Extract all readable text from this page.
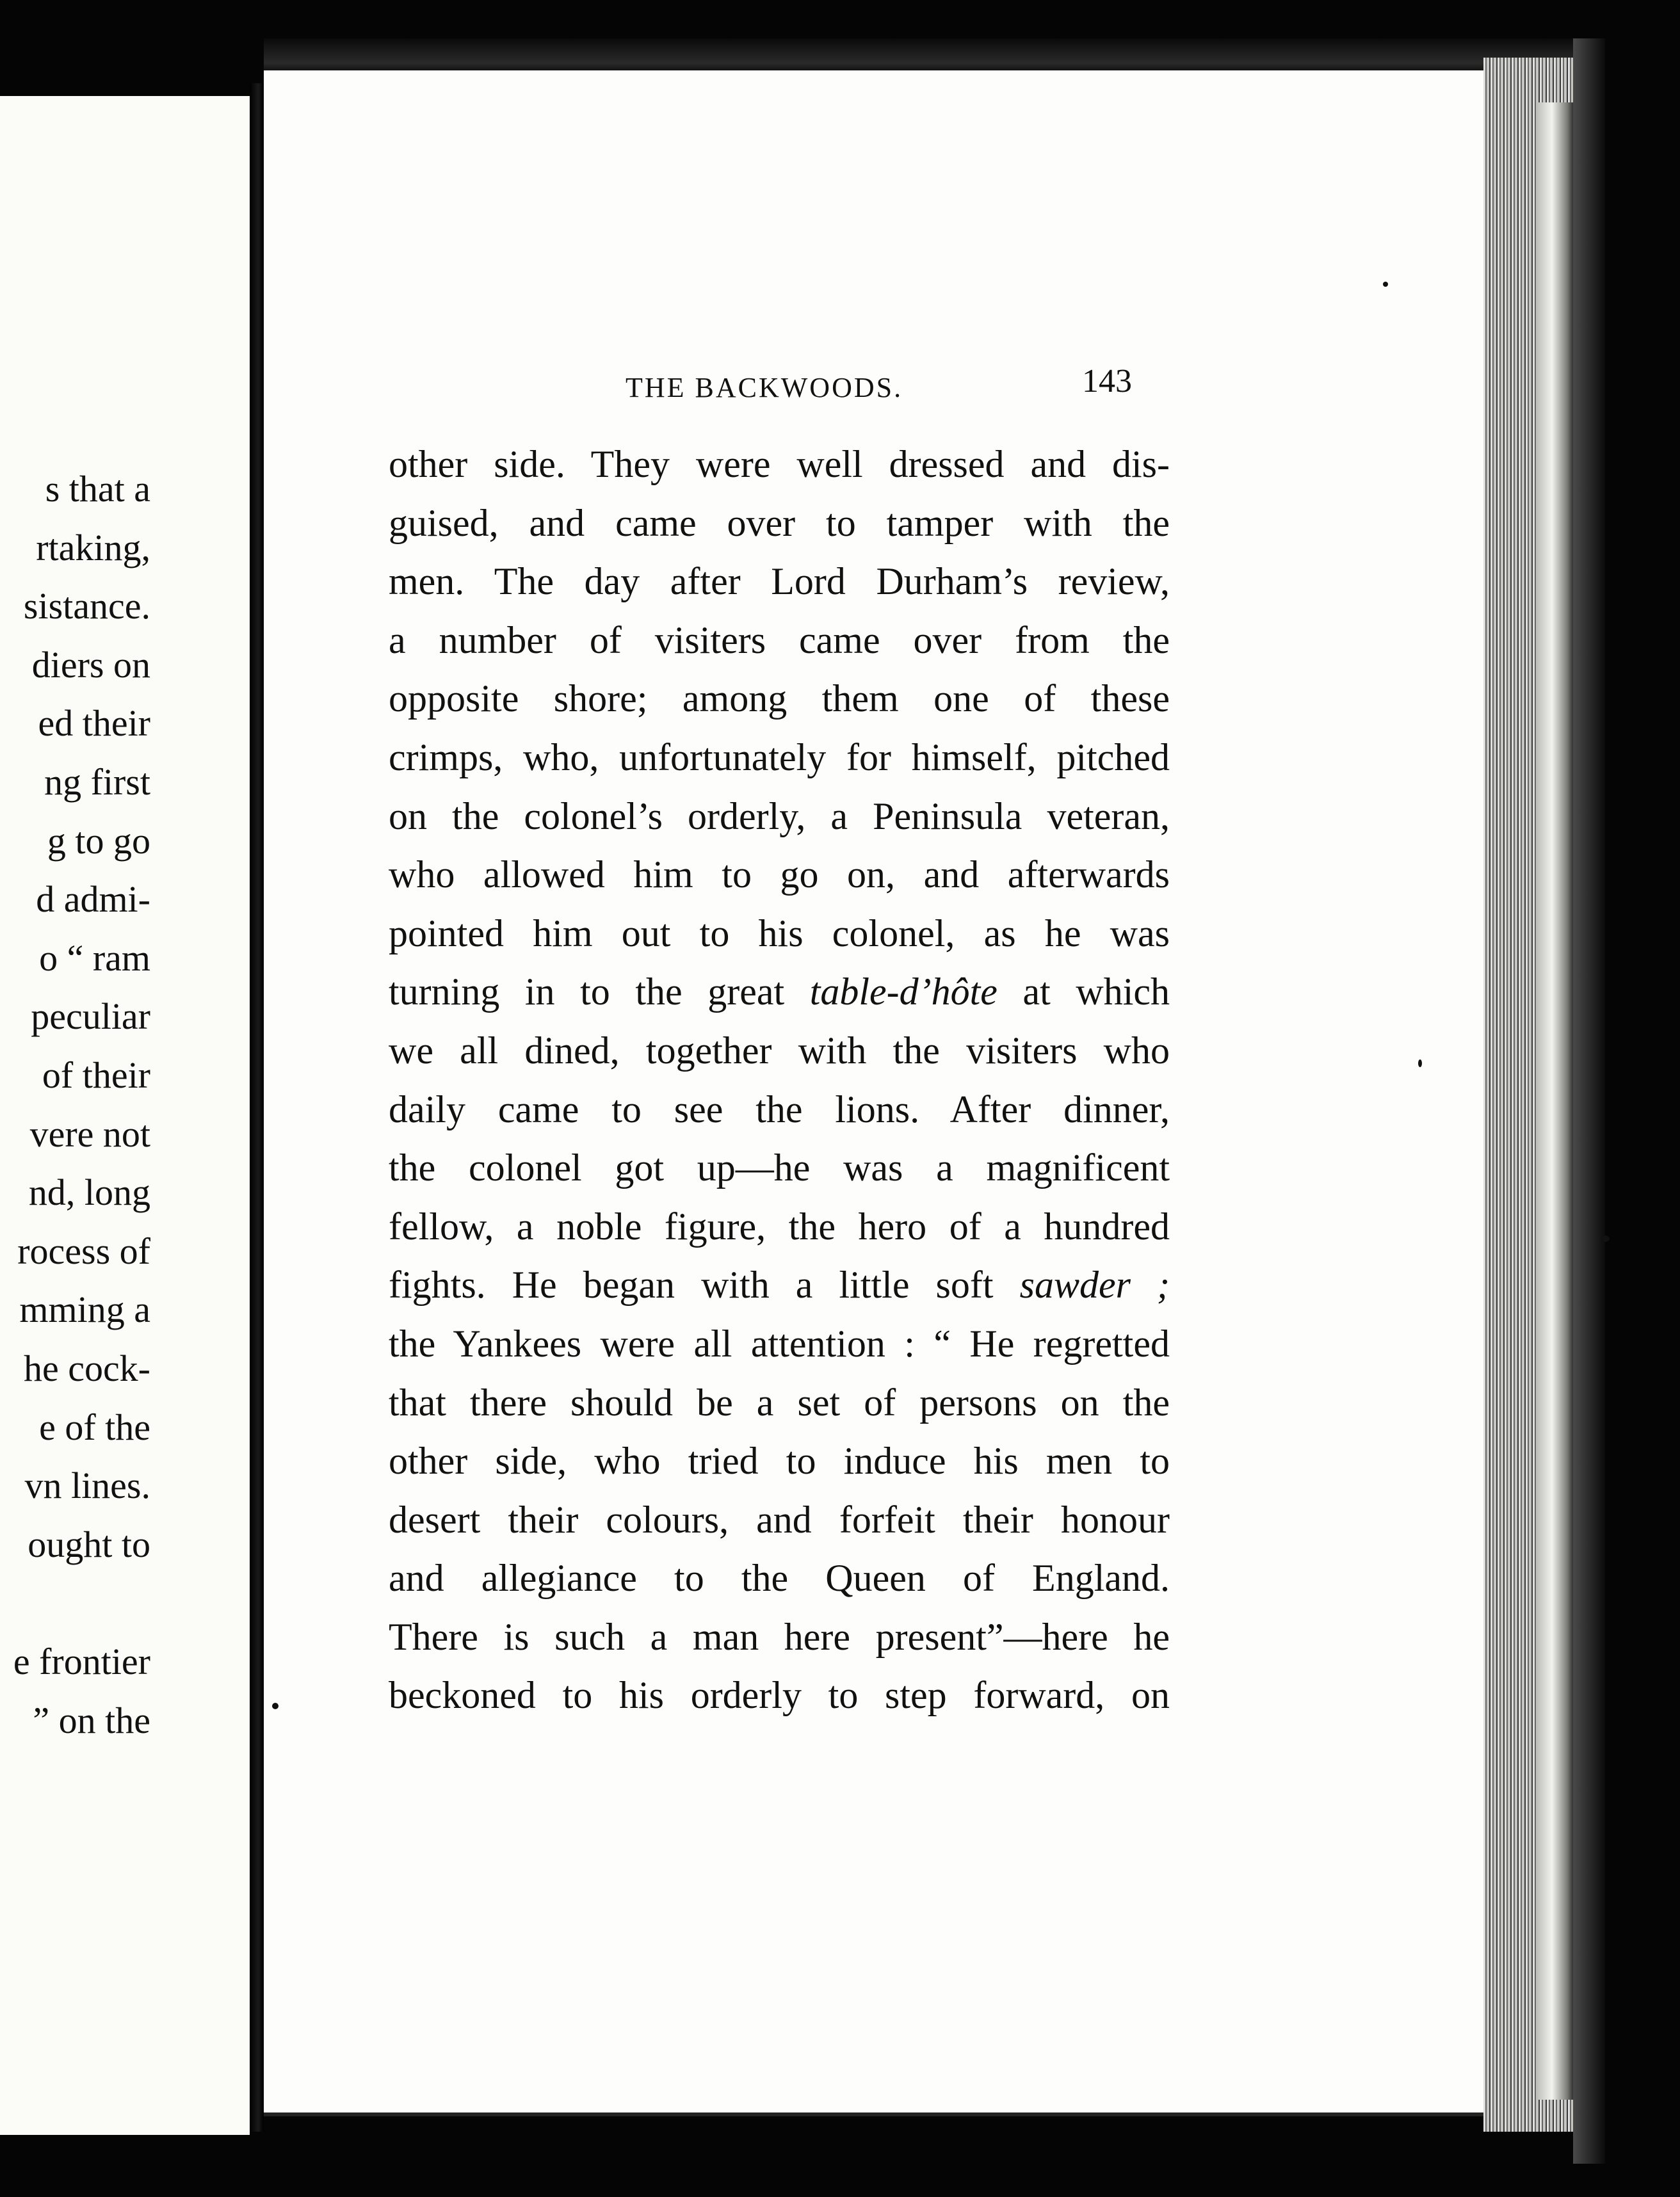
s that a
rtaking,
sistance.
diers on
ed their
ng first
g to go
d admi-
o “ ram
peculiar
of their
vere not
nd, long
rocess of
mming a
he cock-
e of the
vn lines.
ought to
e frontier
” on the
THE BACKWOODS.	143
other side. They were well dressed and dis-
guised, and came over to tamper with the
men. The day after Lord Durham’s review,
a number of visiters came over from the
opposite shore; among them one of these
crimps, who, unfortunately for himself, pitched
on the colonel’s orderly, a Peninsula veteran,
who allowed him to go on, and afterwards
pointed him out to his colonel, as he was
turning in to the great table-d’hôte at which
we all dined, together with the visiters who
daily came to see the lions. After dinner,
the colonel got up—he was a magnificent
fellow, a noble figure, the hero of a hundred
fights. He began with a little soft sawder ;
the Yankees were all attention : “ He regretted
that there should be a set of persons on the
other side, who tried to induce his men to
desert their colours, and forfeit their honour
and allegiance to the Queen of England.
There is such a man here present”—here he
beckoned to his orderly to step forward, on
